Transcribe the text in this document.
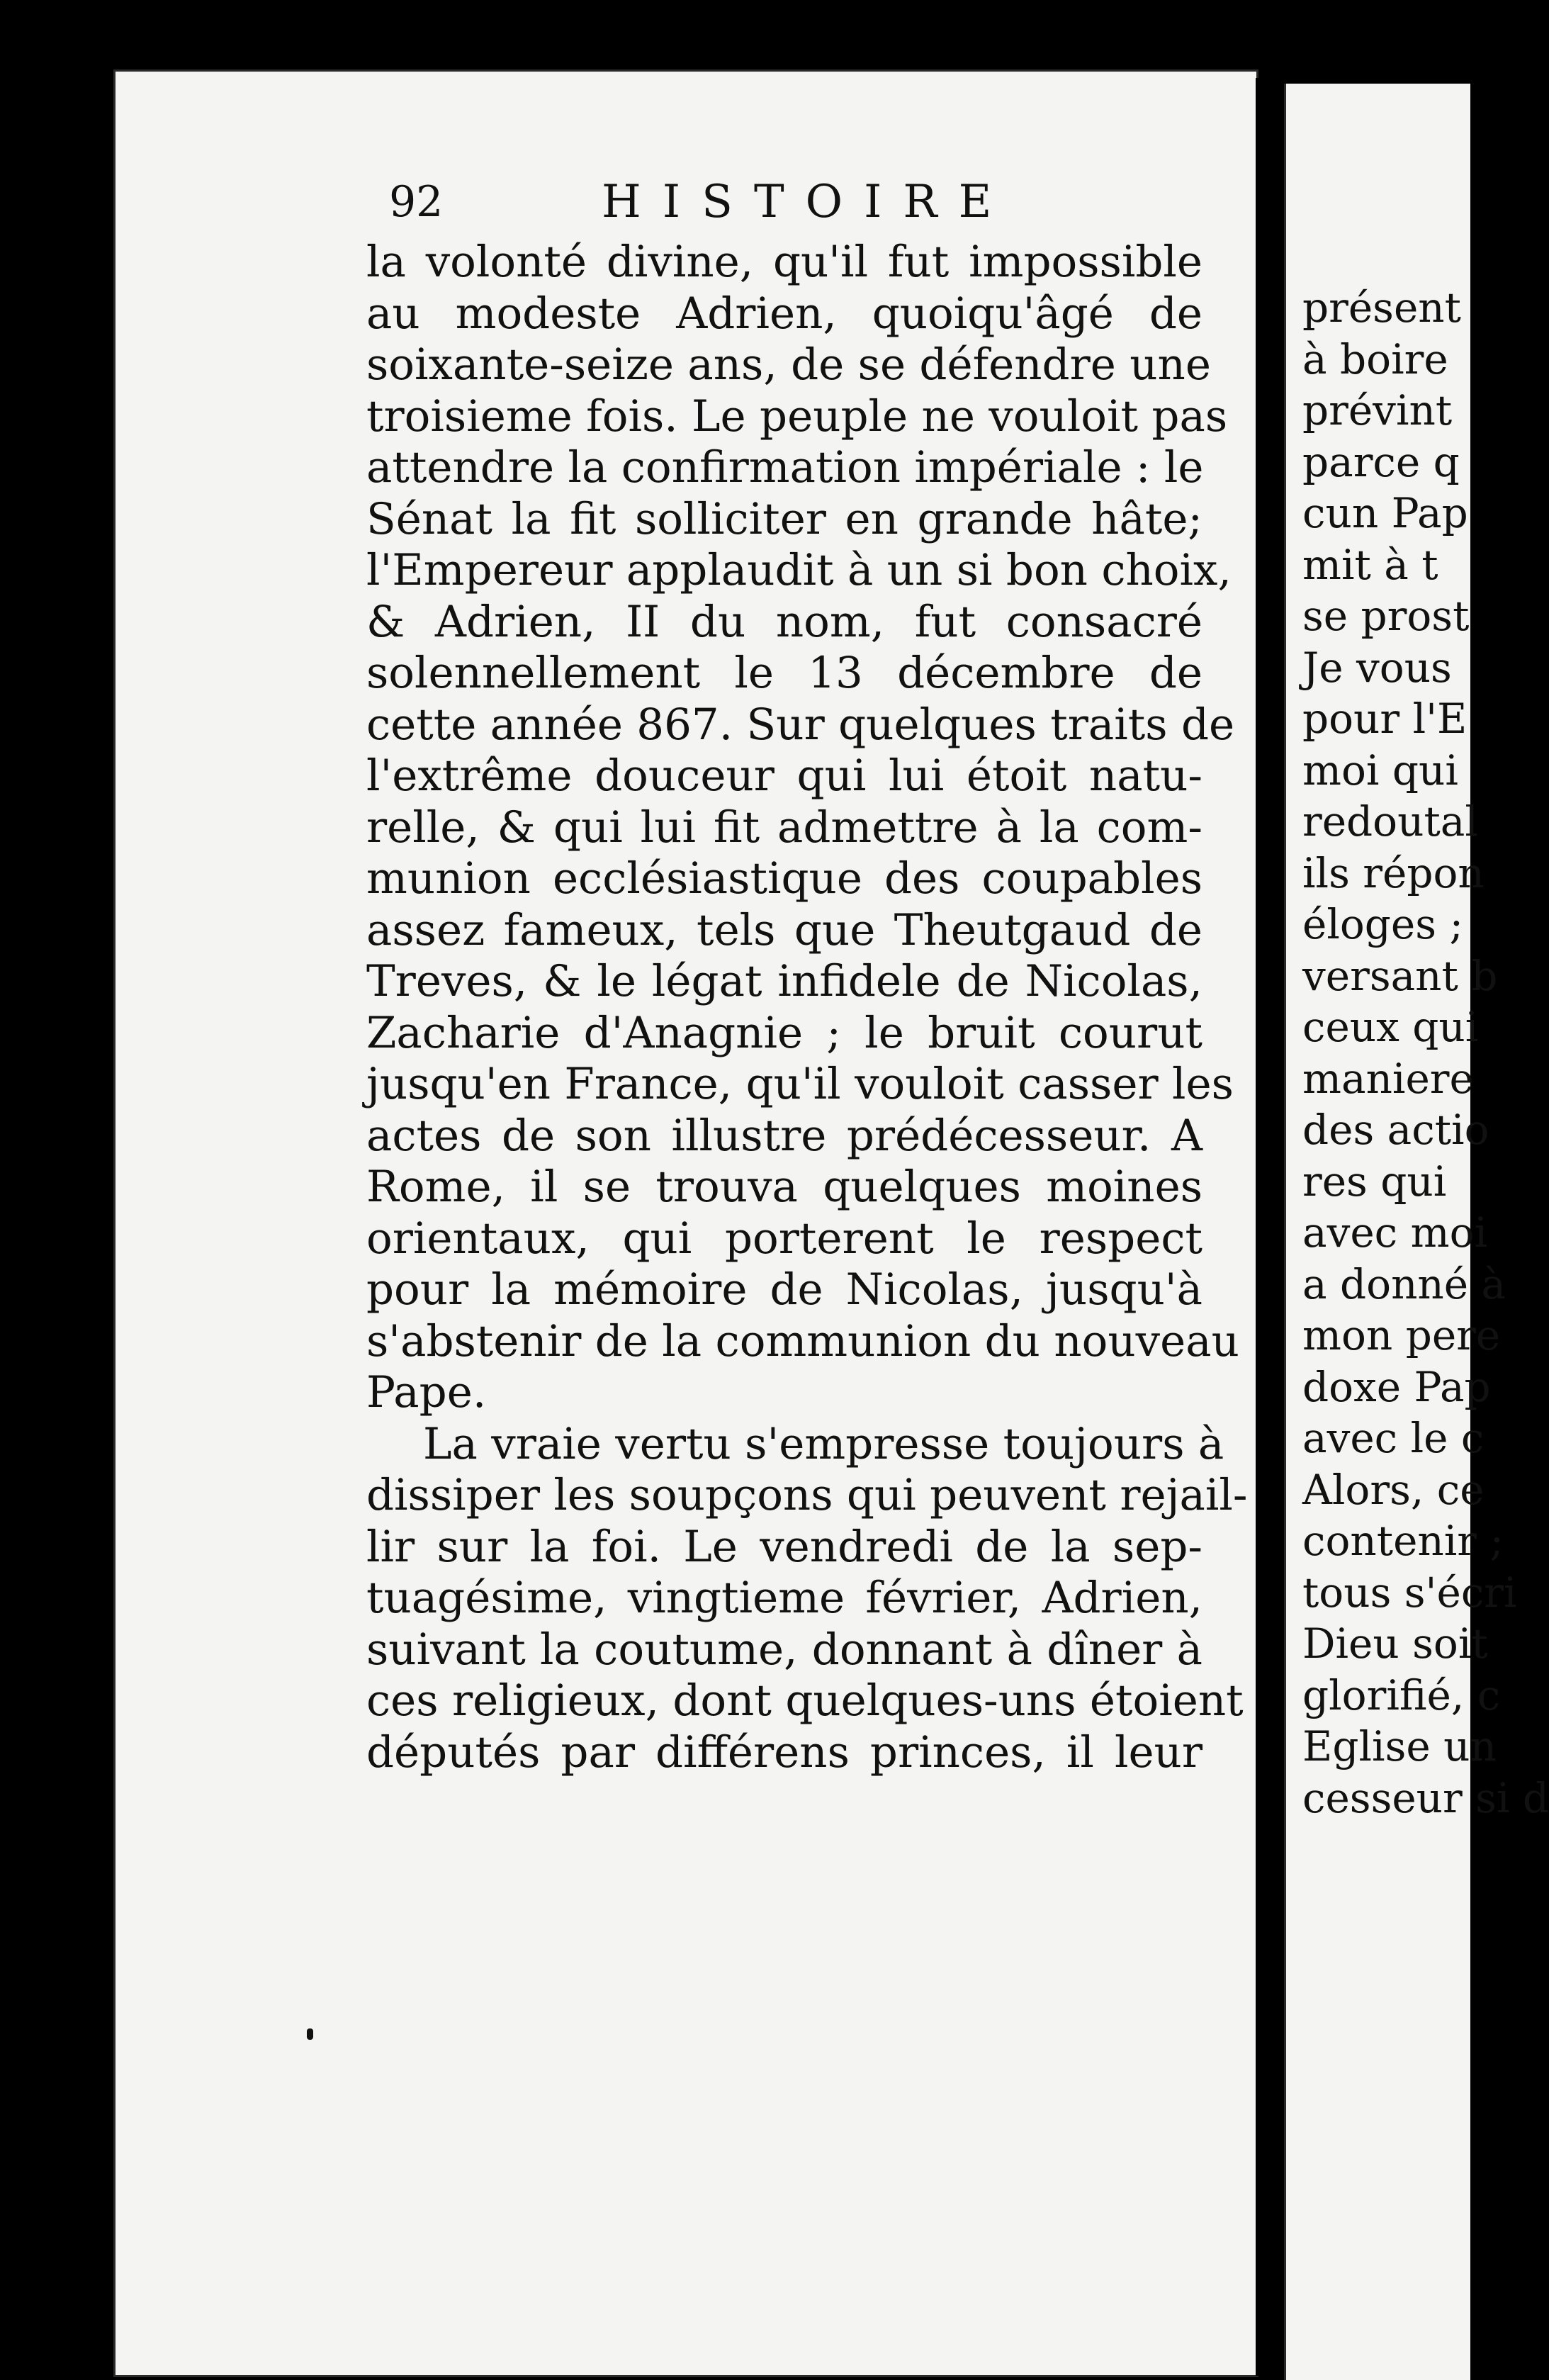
92	HISTOIRE
la volonté divine, qu'il fut impossible
au modeste Adrien, quoiqu'âgé de
soixante-seize ans, de se défendre une
troisieme fois. Le peuple ne vouloit pas
attendre la confirmation impériale : le
Sénat la fit solliciter en grande hâte;
l'Empereur applaudit à un si bon choix,
& Adrien, II du nom, fut consacré
solennellement le 13 décembre de
cette année 867. Sur quelques traits de
l'extrême douceur qui lui étoit natu-
relle, & qui lui fit admettre à la com-
munion ecclésiastique des coupables
assez fameux, tels que Theutgaud de
Treves, & le légat infidele de Nicolas,
Zacharie d'Anagnie ; le bruit courut
jusqu'en France, qu'il vouloit casser les
actes de son illustre prédécesseur. A
Rome, il se trouva quelques moines
orientaux, qui porterent le respect
pour la mémoire de Nicolas, jusqu'à
s'abstenir de la communion du nouveau
Pape.
La vraie vertu s'empresse toujours à
dissiper les soupçons qui peuvent rejail-
lir sur la foi. Le vendredi de la sep-
tuagésime, vingtieme février, Adrien,
suivant la coutume, donnant à dîner à
ces religieux, dont quelques-uns étoient
députés par différens princes, il leur
présent
à boire
prévint
parce q
cun Pap
mit à t
se prost
Je vous
pour l'E
moi qui
redoutal
ils répon
éloges ;
versant b
ceux qui
maniere
des actio
res qui
avec moi
a donné à
mon pere
doxe Pap
avec le c
Alors, ce
contenir ;
tous s'écri
Dieu soit
glorifié, c
Eglise un
cesseur si d
